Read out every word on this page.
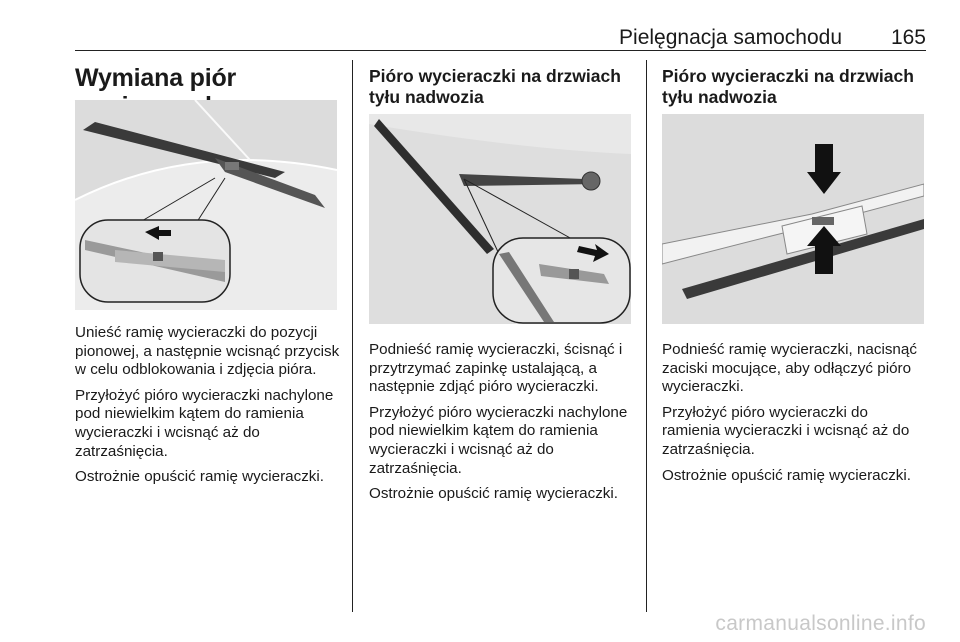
Pielęgnacja samochodu 165
Wymiana piór

Unieść ramię wycieraczki do pozycji pionowej, a następnie wcisnąć przycisk w celu odblokowania i zdjęcia pióra.

Przyłożyć pióro wycieraczki nachylone pod niewielkim kątem do ramienia wycieraczki i wcisnąć aż do zatrzaśnięcia.

Ostrożnie opuścić ramię wycieraczki.

Pióro wycieraczki na drzwiach tyłu nadwozia

Podnieść ramię wycieraczki, ścisnąć i przytrzymać zapinkę ustalającą, a następnie zdjąć pióro wycieraczki.

Przyłożyć pióro wycieraczki nachylone pod niewielkim kątem do ramienia wycieraczki i wcisnąć aż do zatrzaśnięcia.

Ostrożnie opuścić ramię wycieraczki.

Pióro wycieraczki na drzwiach tyłu nadwozia

Podnieść ramię wycieraczki, nacisnąć zaciski mocujące, aby odłączyć pióro wycieraczki.

Przyłożyć pióro wycieraczki do ramienia wycieraczki i wcisnąć aż do zatrzaśnięcia.

Ostrożnie opuścić ramię wycieraczki.

carmanualsonline.info
